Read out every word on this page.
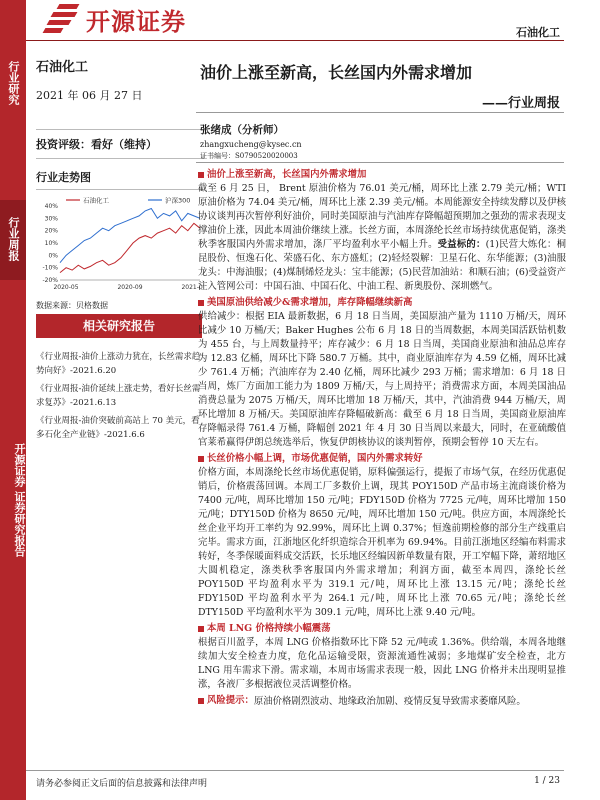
行业研究
行业周报
开源证券 证券研究报告
开源证券	石油化工
石油化工
2021 年 06 月 27 日
投资评级：看好（维持）
行业走势图
40%
30%
20%
10%
0%
-10%
-20%
2020-05	2020-09	2021-0
石油化工	沪深300
数据来源：贝格数据
相关研究报告
《行业周报-油价上涨动力犹在，长丝需求趋势向好》-2021.6.20
《行业周报-油价延续上涨走势，看好长丝需求复苏》-2021.6.13
《行业周报-油价突破前高站上 70 美元，看多石化全产业链》-2021.6.6
油价上涨至新高，长丝国内外需求增加
——行业周报
张绪成（分析师）
zhangxucheng@kysec.cn
证书编号：S0790520020003
油价上涨至新高，长丝国内外需求增加
截至 6 月 25 日， Brent 原油价格为 76.01 美元/桶，周环比上涨 2.79 美元/桶；WTI 原油价格为 74.04 美元/桶，周环比上涨 2.39 美元/桶。本周能源安全持续发酵以及伊核协议谈判再次暂停利好油价，同时美国原油与汽油库存降幅超预期加之强劲的需求表现支撑油价上涨，因此本周油价继续上涨。长丝方面，本周涤纶长丝市场持续优惠促销，涤类秋季客服国内外需求增加，涤厂平均盈利水平小幅上升。受益标的：(1)民营大炼化：桐昆股份、恒逸石化、荣盛石化、东方盛虹；(2)轻烃裂解：卫星石化、东华能源；(3)油服龙头：中海油服；(4)煤制烯烃龙头：宝丰能源；(5)民营加油站：和顺石油；(6)受益资产注入管网公司：中国石油、中国石化、中油工程、新奥股份、深圳燃气。
美国原油供给减少&需求增加，库存降幅继续新高
供给减少：根据 EIA 最新数据，6 月 18 日当周，美国原油产量为 1110 万桶/天，周环比减少 10 万桶/天；Baker Hughes 公布 6 月 18 日的当周数据，本周美国活跃钻机数为 455 台，与上周数量持平；库存减少：6 月 18 日当周，美国商业原油和油品总库存为 12.83 亿桶，周环比下降 580.7 万桶。其中，商业原油库存为 4.59 亿桶，周环比减少 761.4 万桶；汽油库存为 2.40 亿桶，周环比减少 293 万桶；需求增加：6 月 18 日当周，炼厂方面加工能力为 1809 万桶/天，与上周持平；消费需求方面，本周美国油品消费总量为 2075 万桶/天，周环比增加 18 万桶/天，其中，汽油消费 944 万桶/天，周环比增加 8 万桶/天。美国原油库存降幅破新高：截至 6 月 18 日当周，美国商业原油库存降幅录得 761.4 万桶，降幅创 2021 年 4 月 30 日当周以来最大，同时，在亚硫酸值官莱希赢得伊朗总统选举后，恢复伊朗核协议的谈判暂停，预期会暂停 10 天左右。
长丝价格小幅上调，市场优惠促销，国内外需求转好
价格方面，本周涤纶长丝市场优惠促销，原料偏强运行，提振了市场气氛，在经历优惠促销后，价格震荡回调。本周工厂多数价上调，现其 POY150D 产品市场主流商谈价格为 7400 元/吨，周环比增加 150 元/吨；FDY150D 价格为 7725 元/吨，周环比增加 150 元/吨；DTY150D 价格为 8650 元/吨，周环比增加 150 元/吨。供应方面，本周涤纶长丝企业平均开工率约为 92.99%，周环比上调 0.37%；恒逸前期检修的部分生产线重启完毕。需求方面，江浙地区化纤织造综合开机率为 69.94%。目前江浙地区经编布料需求转好，冬季保暖面料成交活跃，长乐地区经编因新单数量有限，开工窄幅下降，萧绍地区大圆机稳定，涤类秋季客服国内外需求增加；利润方面，截至本周四，涤纶长丝 POY150D 平均盈利水平为 319.1 元/吨，周环比上涨 13.15 元/吨；涤纶长丝 FDY150D 平均盈利水平为 264.1 元/吨，周环比上涨 70.65 元/吨；涤纶长丝 DTY150D 平均盈利水平为 309.1 元/吨，周环比上涨 9.40 元/吨。
本周 LNG 价格持续小幅震荡
根据百川盈孚，本周 LNG 价格指数环比下降 52 元/吨或 1.36%。供给端，本周各地继续加大安全检查力度，危化品运输受限，资源流通性减弱；多地煤矿安全检查，北方 LNG 用车需求下滑。需求端，本周市场需求表现一般，因此 LNG 价格并未出现明显推涨，各液厂多根据液位灵活调整价格。
风险提示：原油价格剧烈波动、地缘政治加剧、疫情反复导致需求萎靡风险。
请务必参阅正文后面的信息披露和法律声明	1 / 23
